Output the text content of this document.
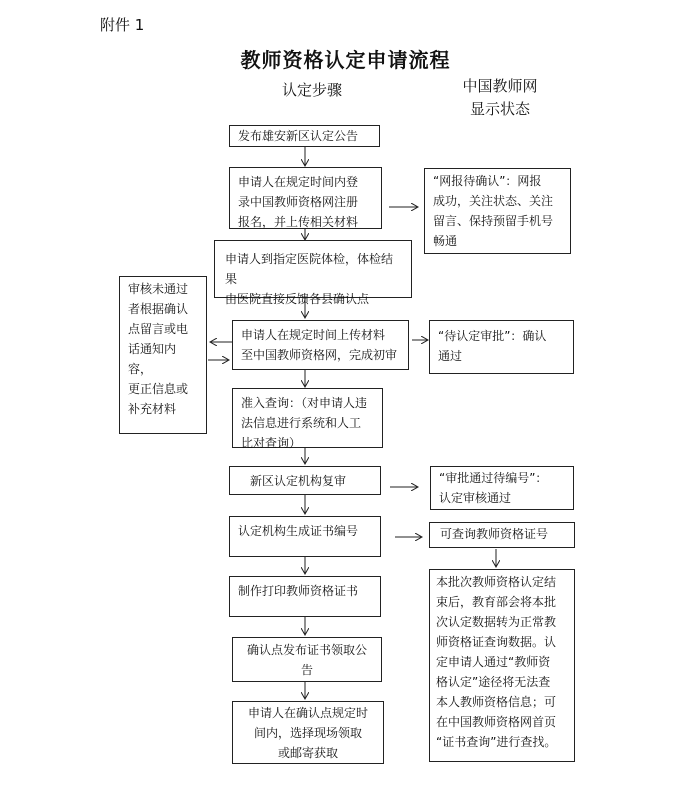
附件 1
教师资格认定申请流程
认定步骤	中国教师网
显示状态
发布雄安新区认定公告
申请人在规定时间内登
录中国教师资格网注册
报名，并上传相关材料
申请人到指定医院体检，体检结果
由医院直接反馈各县确认点
申请人在规定时间上传材料
至中国教师资格网，完成初审
准入查询：（对申请人违
法信息进行系统和人工
比对查询）
新区认定机构复审
认定机构生成证书编号
制作打印教师资格证书
确认点发布证书领取公
告
申请人在确认点规定时
间内，选择现场领取
或邮寄获取
审核未通过
者根据确认
点留言或电
话通知内容，
更正信息或
补充材料
“网报待确认”：网报
成功，关注状态、关注
留言、保持预留手机号
畅通
“待认定审批”：确认
通过
“审批通过待编号”：
认定审核通过
可查询教师资格证号
本批次教师资格认定结
束后，教育部会将本批
次认定数据转为正常教
师资格证查询数据。认
定申请人通过“教师资
格认定”途径将无法查
本人教师资格信息；可
在中国教师资格网首页
“证书查询”进行查找。
